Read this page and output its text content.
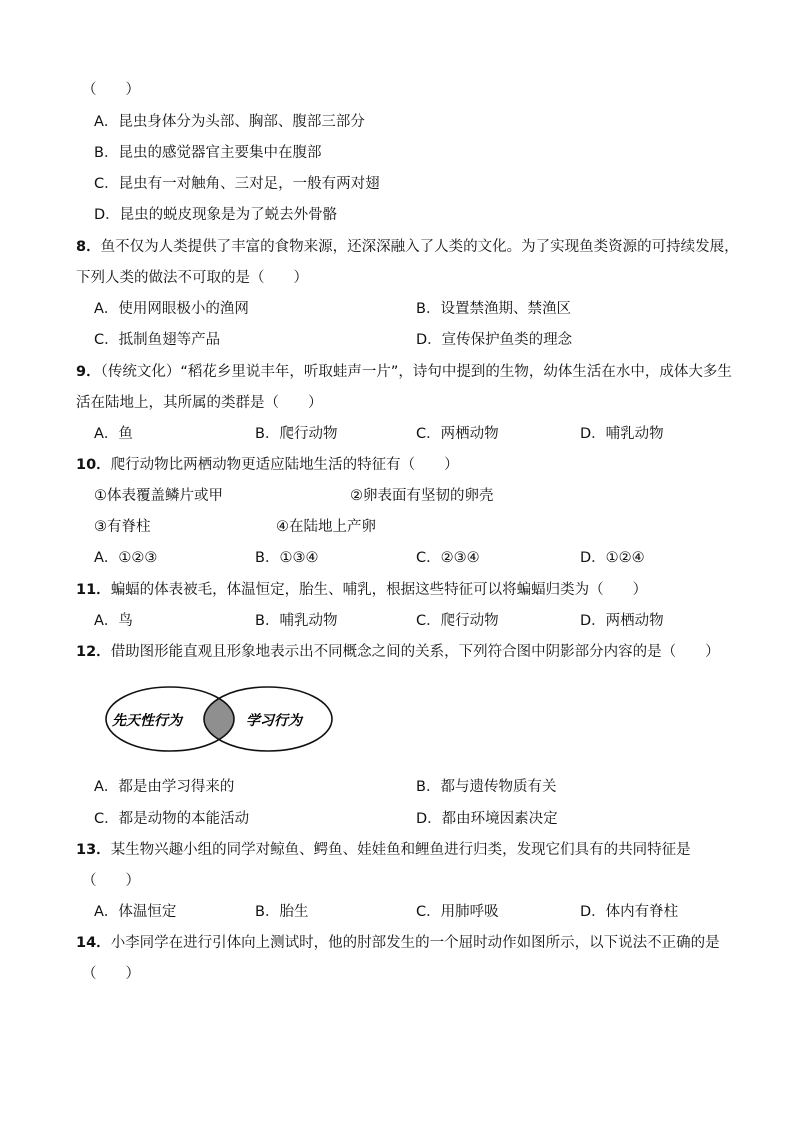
（　　）
A．昆虫身体分为头部、胸部、腹部三部分
B．昆虫的感觉器官主要集中在腹部
C．昆虫有一对触角、三对足，一般有两对翅
D．昆虫的蜕皮现象是为了蜕去外骨骼
8．鱼不仅为人类提供了丰富的食物来源，还深深融入了人类的文化。为了实现鱼类资源的可持续发展，
下列人类的做法不可取的是（　　）
A．使用网眼极小的渔网	B．设置禁渔期、禁渔区
C．抵制鱼翅等产品	D．宣传保护鱼类的理念
9．（传统文化）“稻花乡里说丰年，听取蛙声一片”，诗句中提到的生物，幼体生活在水中，成体大多生
活在陆地上，其所属的类群是（　　）
A．鱼	B．爬行动物	C．两栖动物	D．哺乳动物
10．爬行动物比两栖动物更适应陆地生活的特征有（　　）
①体表覆盖鳞片或甲	②卵表面有坚韧的卵壳
③有脊柱	④在陆地上产卵
A．①②③	B．①③④	C．②③④	D．①②④
11．蝙蝠的体表被毛，体温恒定，胎生、哺乳，根据这些特征可以将蝙蝠归类为（　　）
A．鸟	B．哺乳动物	C．爬行动物	D．两栖动物
12．借助图形能直观且形象地表示出不同概念之间的关系，下列符合图中阴影部分内容的是（　　）
先天性行为	学习行为
A．都是由学习得来的	B．都与遗传物质有关
C．都是动物的本能活动	D．都由环境因素决定
13．某生物兴趣小组的同学对鲸鱼、鳄鱼、娃娃鱼和鲤鱼进行归类，发现它们具有的共同特征是
（　　）
A．体温恒定	B．胎生	C．用肺呼吸	D．体内有脊柱
14．小李同学在进行引体向上测试时，他的肘部发生的一个屈时动作如图所示，以下说法不正确的是
（　　）
